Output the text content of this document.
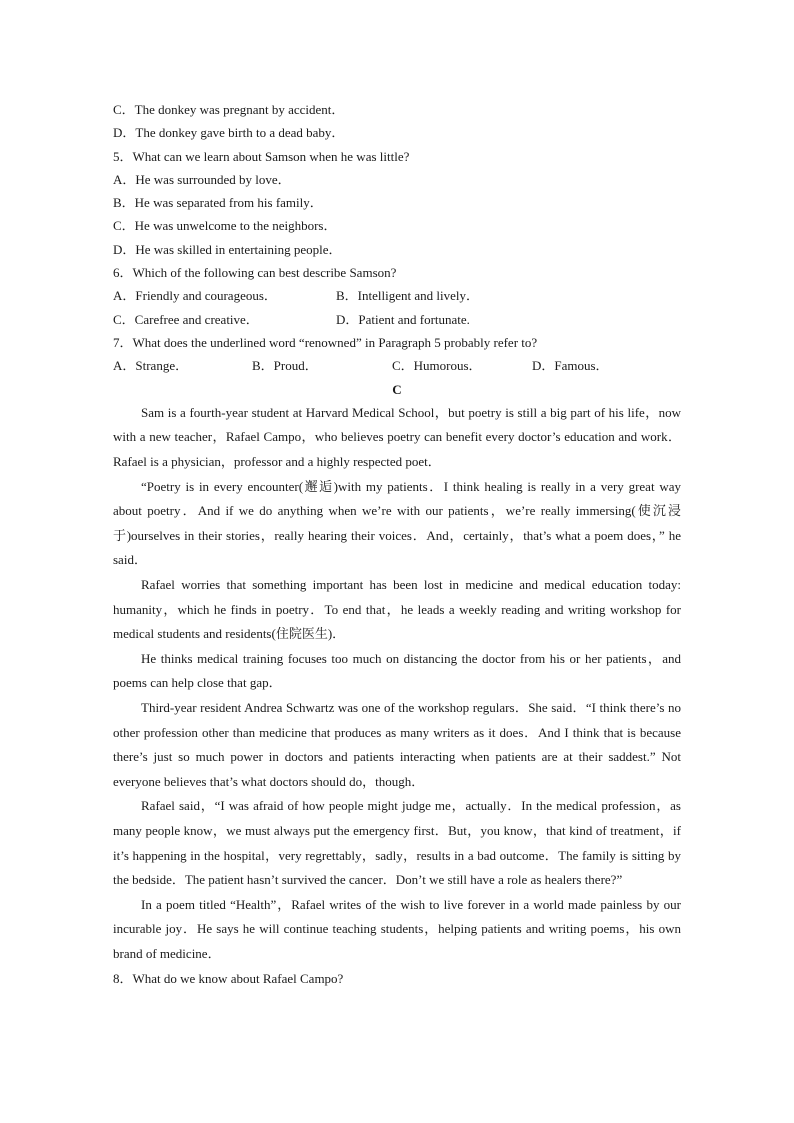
C．The donkey was pregnant by accident．
D．The donkey gave birth to a dead baby．
5．What can we learn about Samson when he was little?
A．He was surrounded by love．
B．He was separated from his family．
C．He was unwelcome to the neighbors．
D．He was skilled in entertaining people．
6．Which of the following can best describe Samson?
A．Friendly and courageous．	B．Intelligent and lively．
C．Carefree and creative．	D．Patient and fortunate.
7．What does the underlined word “renowned” in Paragraph 5 probably refer to?
A．Strange．	B．Proud．	C．Humorous．	D．Famous．
C

Sam is a fourth-year student at Harvard Medical School，but poetry is still a big part of his life，now with a new teacher，Rafael Campo，who believes poetry can benefit every doctor’s education and work．Rafael is a physician，professor and a highly respected poet．

“Poetry is in every encounter(邂逅)with my patients．I think healing is really in a very great way about poetry．And if we do anything when we’re with our patients，we’re really immersing(使沉浸于)ourselves in their stories，really hearing their voices．And，certainly，that’s what a poem does，” he said．

Rafael worries that something important has been lost in medicine and medical education today: humanity，which he finds in poetry．To end that，he leads a weekly reading and writing workshop for medical students and residents(住院医生)．

He thinks medical training focuses too much on distancing the doctor from his or her patients，and poems can help close that gap．

Third-year resident Andrea Schwartz was one of the workshop regulars．She said．“I think there’s no other profession other than medicine that produces as many writers as it does．And I think that is because there’s just so much power in doctors and patients interacting when patients are at their saddest.” Not everyone believes that’s what doctors should do，though．

Rafael said，“I was afraid of how people might judge me，actually．In the medical profession，as many people know，we must always put the emergency first．But，you know，that kind of treatment，if it’s happening in the hospital，very regrettably，sadly，results in a bad outcome．The family is sitting by the bedside．The patient hasn’t survived the cancer．Don’t we still have a role as healers there?”

In a poem titled “Health”，Rafael writes of the wish to live forever in a world made painless by our incurable joy．He says he will continue teaching students，helping patients and writing poems，his own brand of medicine．

8．What do we know about Rafael Campo?
